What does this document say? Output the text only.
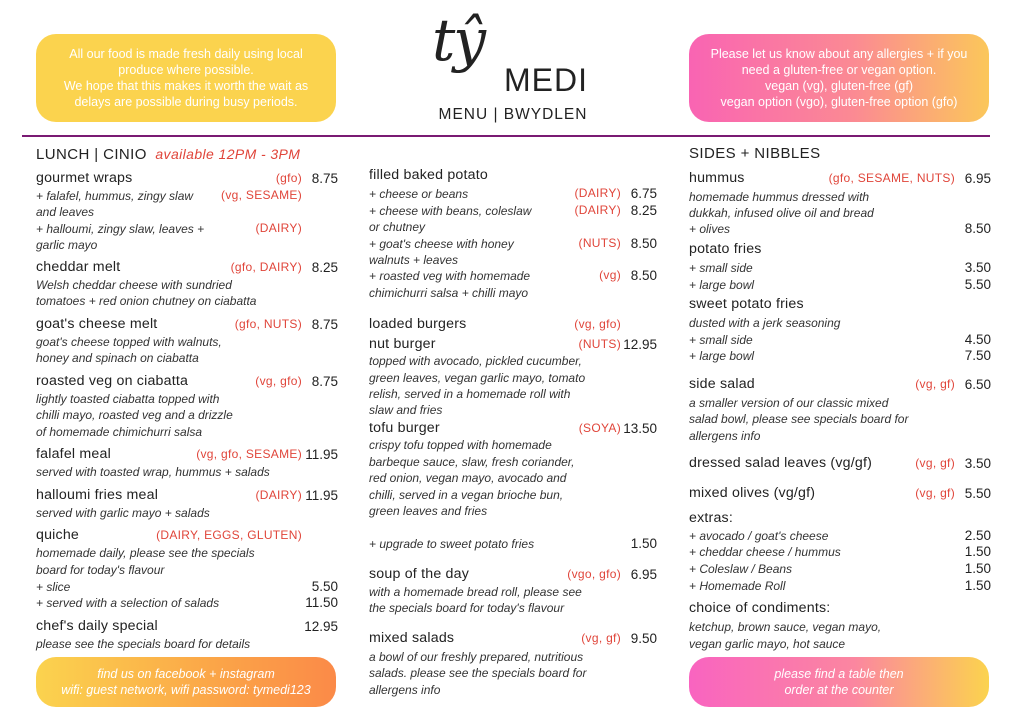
All our food is made fresh daily using local
produce where possible.
We hope that this makes it worth the wait as
delays are possible during busy periods.
tŷ
MEDI
MENU | BWYDLEN
Please let us know about any allergies + if you
need a gluten-free or vegan option.
vegan (vg), gluten-free (gf)
vegan option (vgo), gluten-free option (gfo)
LUNCH | CINIO available 12PM - 3PM
gourmet wraps	(gfo) 8.75
+ falafel, hummus, zingy slaw (vg, SESAME)
and leaves
+ halloumi, zingy slaw, leaves +	(DAIRY)
garlic mayo
cheddar melt	(gfo, DAIRY) 8.25
Welsh cheddar cheese with sundried
tomatoes + red onion chutney on ciabatta
goat's cheese melt	(gfo, NUTS) 8.75
goat's cheese topped with walnuts,
honey and spinach on ciabatta
roasted veg on ciabatta	(vg, gfo) 8.75
lightly toasted ciabatta topped with
chilli mayo, roasted veg and a drizzle
of homemade chimichurri salsa
falafel meal	(vg, gfo, SESAME) 11.95
served with toasted wrap, hummus + salads
halloumi fries meal	(DAIRY) 11.95
served with garlic mayo + salads
quiche	(DAIRY, EGGS, GLUTEN)
homemade daily, please see the specials
board for today's flavour
+ slice	5.50
+ served with a selection of salads	11.50
chef's daily special	12.95
please see the specials board for details
filled baked potato
+ cheese or beans	(DAIRY) 6.75
+ cheese with beans, coleslaw	(DAIRY) 8.25
or chutney
+ goat's cheese with honey	(NUTS) 8.50
walnuts + leaves
+ roasted veg with homemade	(vg) 8.50
chimichurri salsa + chilli mayo
loaded burgers	(vg, gfo)
nut burger	(NUTS) 12.95
topped with avocado, pickled cucumber,
green leaves, vegan garlic mayo, tomato
relish, served in a homemade roll with
slaw and fries
tofu burger	(SOYA) 13.50
crispy tofu topped with homemade
barbeque sauce, slaw, fresh coriander,
red onion, vegan mayo, avocado and
chilli, served in a vegan brioche bun,
green leaves and fries
+ upgrade to sweet potato fries	1.50
soup of the day	(vgo, gfo) 6.95
with a homemade bread roll, please see
the specials board for today's flavour
mixed salads	(vg, gf) 9.50
a bowl of our freshly prepared, nutritious
salads. please see the specials board for
allergens info
SIDES + NIBBLES
hummus	(gfo, SESAME, NUTS) 6.95
homemade hummus dressed with
dukkah, infused olive oil and bread
+ olives	8.50
potato fries
+ small side	3.50
+ large bowl	5.50
sweet potato fries
dusted with a jerk seasoning
+ small side	4.50
+ large bowl	7.50
side salad	(vg, gf) 6.50
a smaller version of our classic mixed
salad bowl, please see specials board for
allergens info
dressed salad leaves (vg/gf)	(vg, gf) 3.50
mixed olives (vg/gf)	(vg, gf) 5.50
extras:
+ avocado / goat's cheese	2.50
+ cheddar cheese / hummus	1.50
+ Coleslaw / Beans	1.50
+ Homemade Roll	1.50
choice of condiments:
ketchup, brown sauce, vegan mayo,
vegan garlic mayo, hot sauce
find us on facebook + instagram
wifi: guest network, wifi password: tymedi123
please find a table then
order at the counter
